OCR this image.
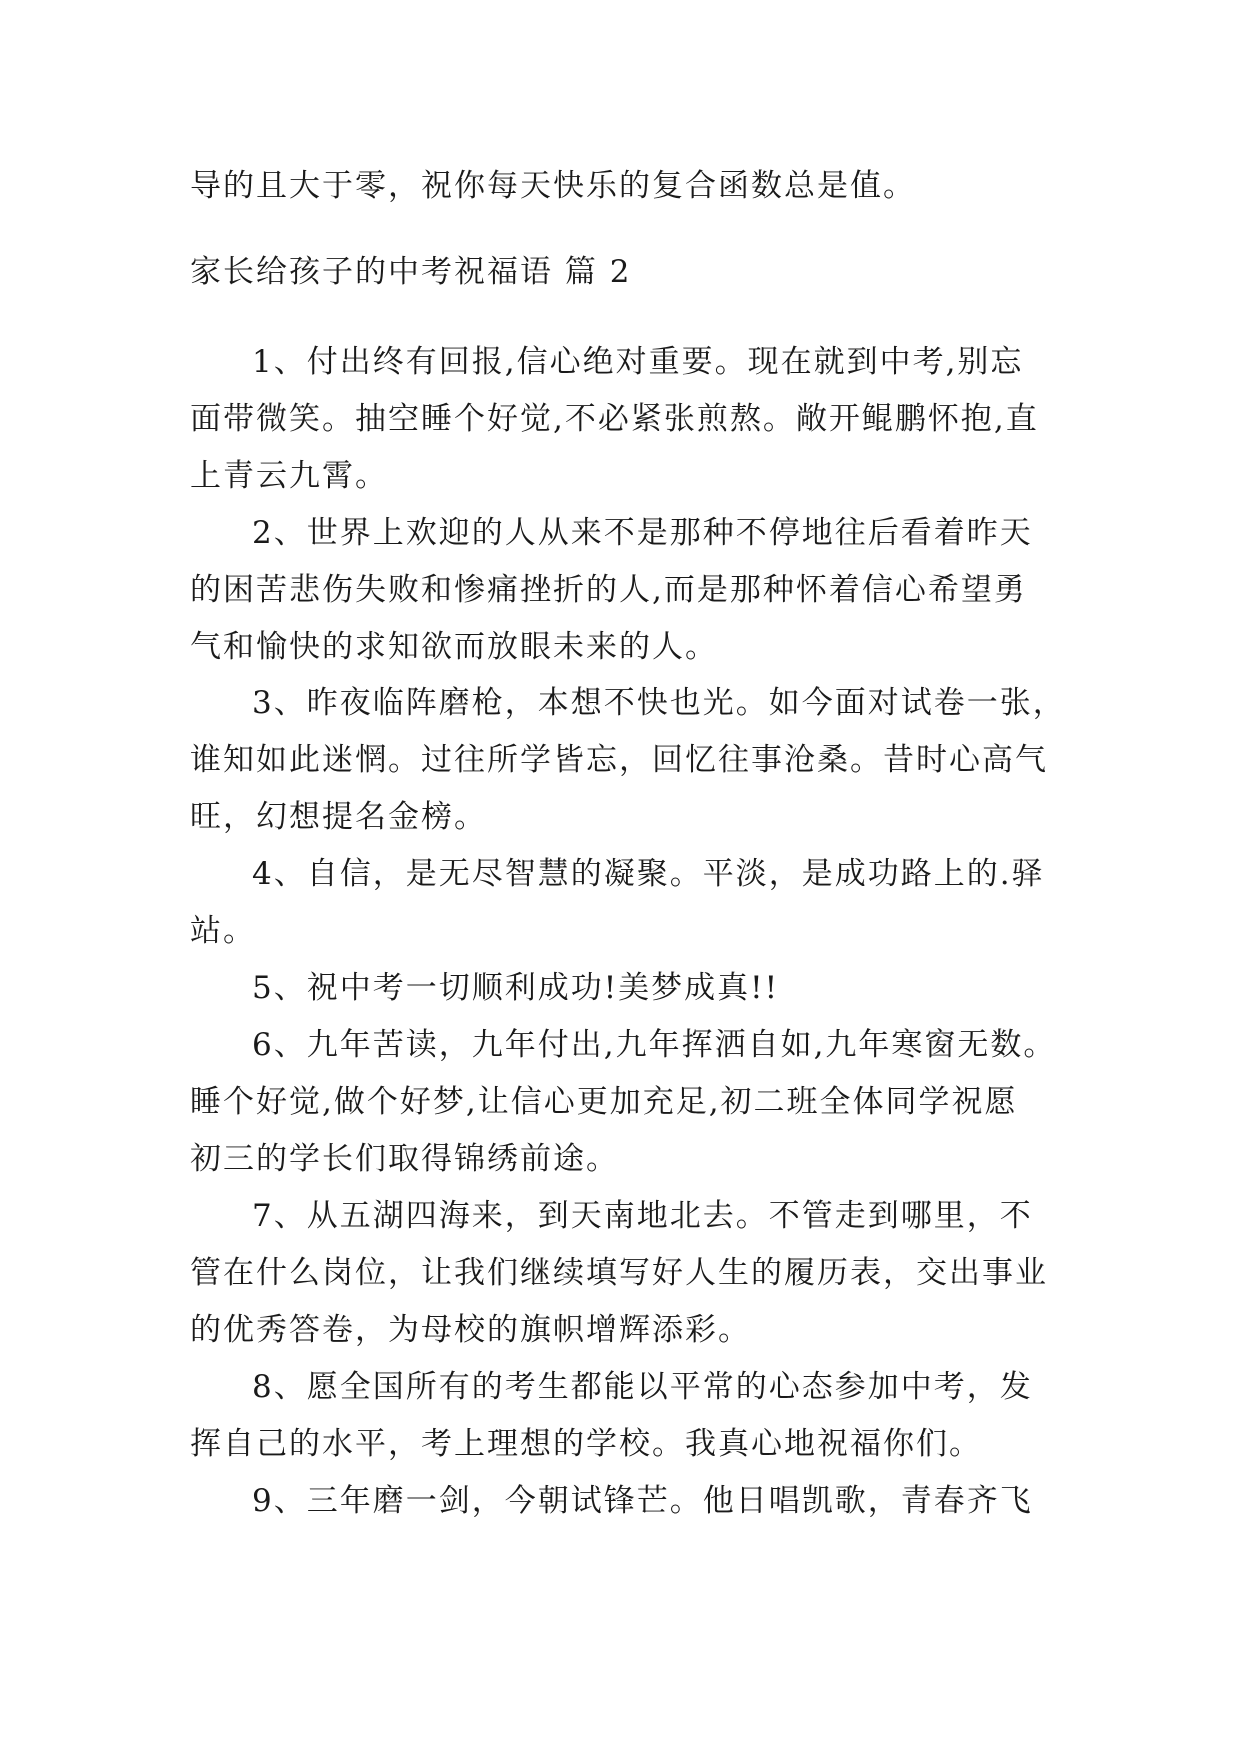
导的且大于零，祝你每天快乐的复合函数总是值。
家长给孩子的中考祝福语 篇 2
1、付出终有回报,信心绝对重要。现在就到中考,别忘
面带微笑。抽空睡个好觉,不必紧张煎熬。敞开鲲鹏怀抱,直
上青云九霄。
2、世界上欢迎的人从来不是那种不停地往后看着昨天
的困苦悲伤失败和惨痛挫折的人,而是那种怀着信心希望勇
气和愉快的求知欲而放眼未来的人。
3、昨夜临阵磨枪，本想不快也光。如今面对试卷一张，
谁知如此迷惘。过往所学皆忘，回忆往事沧桑。昔时心高气
旺，幻想提名金榜。
4、自信，是无尽智慧的凝聚。平淡，是成功路上的.驿
站。
5、祝中考一切顺利成功!美梦成真!!
6、九年苦读，九年付出,九年挥洒自如,九年寒窗无数。
睡个好觉,做个好梦,让信心更加充足,初二班全体同学祝愿
初三的学长们取得锦绣前途。
7、从五湖四海来，到天南地北去。不管走到哪里，不
管在什么岗位，让我们继续填写好人生的履历表，交出事业
的优秀答卷，为母校的旗帜增辉添彩。
8、愿全国所有的考生都能以平常的心态参加中考，发
挥自己的水平，考上理想的学校。我真心地祝福你们。
9、三年磨一剑，今朝试锋芒。他日唱凯歌，青春齐飞
